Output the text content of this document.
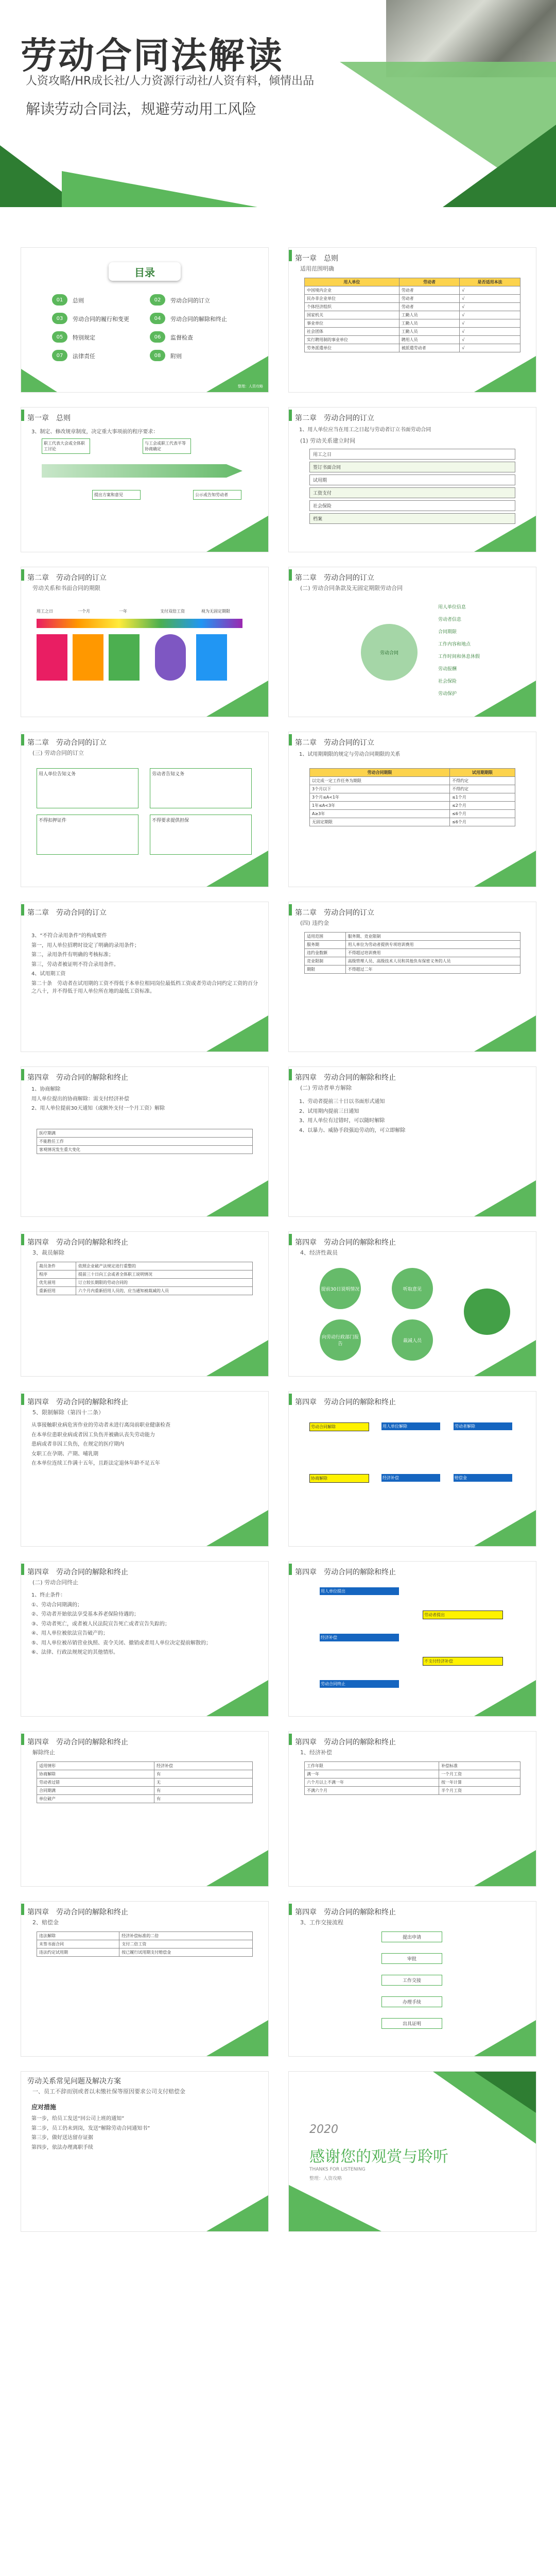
劳动合同法解读
人资攻略/HR成长社/人力资源行动社/人资有料，倾情出品
解读劳动合同法，规避劳动用工风险
目录
01	总则	02	劳动合同的订立
03	劳动合同的履行和变更	04	劳动合同的解除和终止
05	特别规定	06	监督检查
07	法律责任	08	附则
整理：人资攻略
第一章　总则
适用范围明确
用人单位	劳动者	是否适用本法
中国境内企业	劳动者	√
民办非企业单位	劳动者	√
个体经济组织	劳动者	√
国家机关	工勤人员	√
事业单位	工勤人员	√
社会团体	工勤人员	√
实行聘用制的事业单位	聘用人员	√
劳务派遣单位	被派遣劳动者	√
第一章　总则
3、制定、修改规章制度，决定重大事项前的程序要求：
职工代表大会或全体职工讨论
提出方案和意见
与工会或职工代表平等协商确定
公示或告知劳动者
第二章　劳动合同的订立
1、用人单位应当在用工之日起与劳动者订立书面劳动合同
(1) 劳动关系建立时间
用工之日
签订书面合同
试用期
工资支付
社会保险
档案
第二章　劳动合同的订立
劳动关系和书面合同的期限
用工之日	一个月	一年	支付双倍工资	视为无固定期限
第二章　劳动合同的订立
(二) 劳动合同条款及无固定期限劳动合同
劳动合同
用人单位信息
劳动者信息
合同期限
工作内容和地点
工作时间和休息休假
劳动报酬
社会保险
劳动保护
第二章　劳动合同的订立
(三) 劳动合同的订立
用人单位告知义务	劳动者告知义务
不得扣押证件	不得要求提供担保
第二章　劳动合同的订立
1、试用期期限的规定与劳动合同期限的关系
劳动合同期限	试用期期限
以完成一定工作任务为期限	不得约定
3个月以下	不得约定
3个月≤A<1年	≤1个月
1年≤A<3年	≤2个月
A≥3年	≤6个月
无固定期限	≤6个月
第二章　劳动合同的订立

3、“不符合录用条件”的构成要件

第一，用人单位招聘时设定了明确的录用条件；

第二，录用条件有明确的考核标准；

第三，劳动者被证明不符合录用条件。

4、试用期工资

第二十条　劳动者在试用期的工资不得低于本单位相同岗位最低档工资或者劳动合同约定工资的百分之八十，并不得低于用人单位所在地的最低工资标准。

第二章　劳动合同的订立
(四) 违约金
适用范围	服务期、竞业限制
服务期	用人单位为劳动者提供专项培训费用
违约金数额	不得超过培训费用
竞业限制	高级管理人员、高级技术人员和其他负有保密义务的人员
期限	不得超过二年
第四章　劳动合同的解除和终止

1、协商解除

用人单位提出的协商解除：需支付经济补偿

2、用人单位提前30天通知（或额外支付一个月工资）解除

医疗期满
不能胜任工作
客观情况发生重大变化
第四章　劳动合同的解除和终止
(二) 劳动者单方解除

1、劳动者提前三十日以书面形式通知

2、试用期内提前三日通知

3、用人单位有过错时，可以随时解除

4、以暴力、威胁手段强迫劳动的，可立即解除

第四章　劳动合同的解除和终止
3、裁员解除
裁员条件	依照企业破产法规定进行重整的
程序	提前三十日向工会或者全体职工说明情况
优先留用	订立较长期限的劳动合同的
重新招用	六个月内重新招用人员的，应当通知被裁减的人员
第四章　劳动合同的解除和终止
4、经济性裁员
提前30日说明情况	听取意见
向劳动行政部门报告
裁减人员
第四章　劳动合同的解除和终止
5、限制解除（第四十二条）

从事接触职业病危害作业的劳动者未进行离岗前职业健康检查

在本单位患职业病或者因工负伤并被确认丧失劳动能力

患病或者非因工负伤，在规定的医疗期内

女职工在孕期、产期、哺乳期

在本单位连续工作满十五年，且距法定退休年龄不足五年

第四章　劳动合同的解除和终止
劳动合同解除	用人单位解除	劳动者解除
协商解除	经济补偿	赔偿金
第四章　劳动合同的解除和终止
(二) 劳动合同终止

1、终止条件：

①、劳动合同期满的；

②、劳动者开始依法享受基本养老保险待遇的；

③、劳动者死亡，或者被人民法院宣告死亡或者宣告失踪的；

④、用人单位被依法宣告破产的；

⑤、用人单位被吊销营业执照、责令关闭、撤销或者用人单位决定提前解散的；

⑥、法律、行政法规规定的其他情形。

第四章　劳动合同的解除和终止
用人单位提出
劳动者提出
经济补偿
不支付经济补偿
劳动合同终止
第四章　劳动合同的解除和终止
解除终止
适用情形	经济补偿
协商解除	有
劳动者过错	无
合同期满	有
单位破产	有
第四章　劳动合同的解除和终止
1、经济补偿
工作年限	补偿标准
满一年	一个月工资
六个月以上不满一年	按一年计算
不满六个月	半个月工资
第四章　劳动合同的解除和终止
2、赔偿金
违法解除	经济补偿标准的二倍
未签书面合同	支付二倍工资
违法约定试用期	按已履行试用期支付赔偿金
第四章　劳动合同的解除和终止
3、工作交接流程
提出申请
审批
工作交接
办理手续
出具证明
劳动关系常见问题及解决方案
一、员工不辞而别或者以未缴社保等原因要求公司支付赔偿金
应对措施

第一步，给员工发送“回公司上班的通知”

第二步，员工仍未到岗，发送“解除劳动合同通知书”

第三步，做好送达留存证据

第四步，依法办理离职手续

2020
感谢您的观赏与聆听
THANKS FOR LISTENING
整理：人资攻略
